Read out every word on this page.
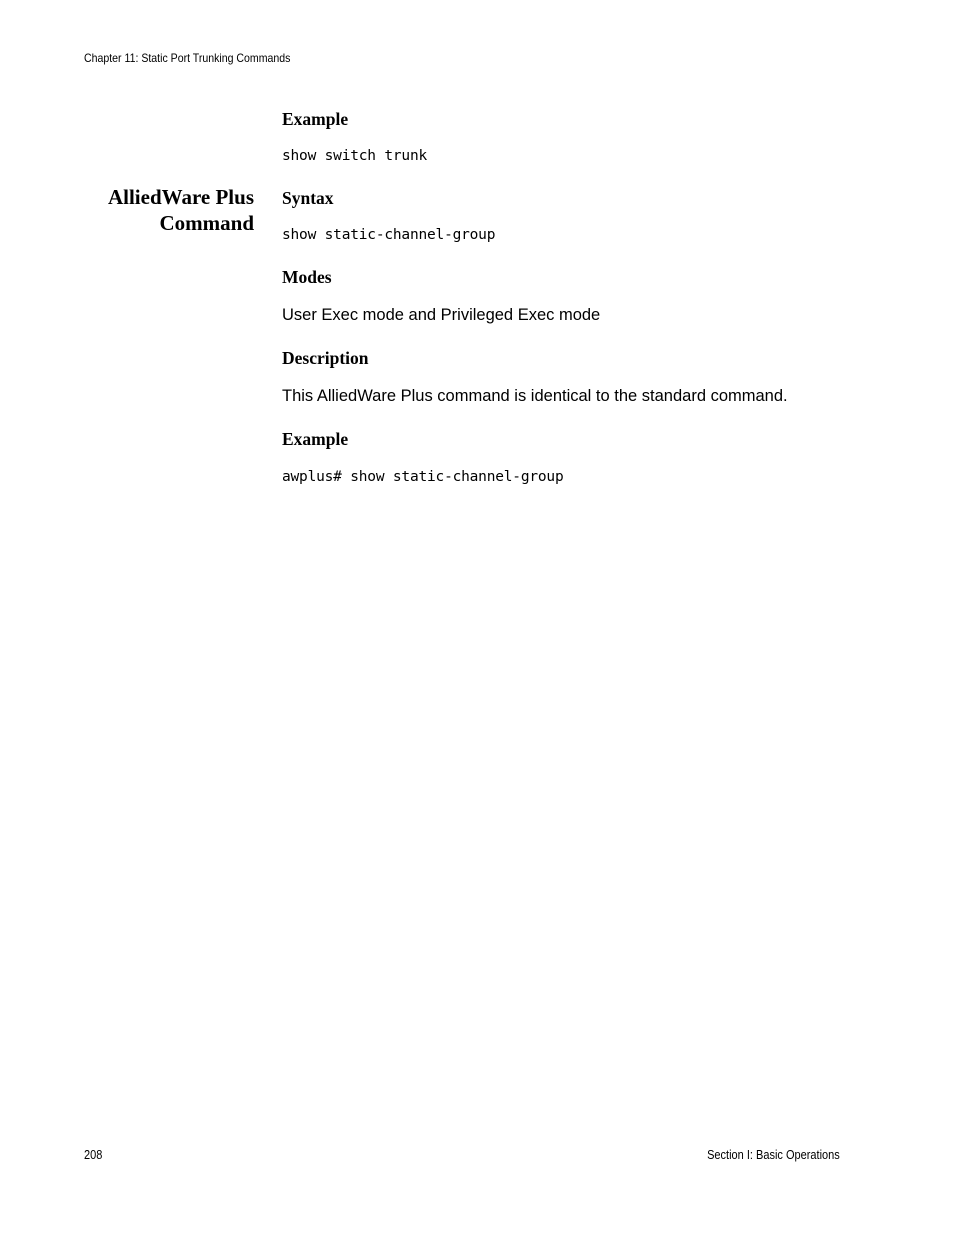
Chapter 11: Static Port Trunking Commands
Example
show switch trunk
AlliedWare Plus
Command
Syntax
show static-channel-group
Modes
User Exec mode and Privileged Exec mode
Description
This AlliedWare Plus command is identical to the standard command.
Example
awplus# show static-channel-group
208	Section I: Basic Operations
